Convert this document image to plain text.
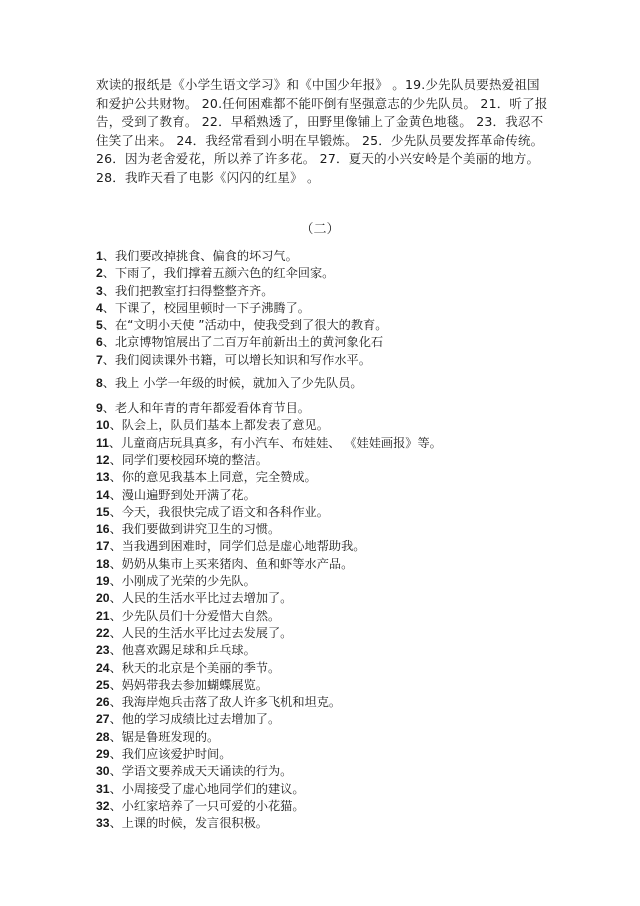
欢读的报纸是《小学生语文学习》和《中国少年报》 。19.少先队员要热爱祖国和爱护公共财物。 20.任何困难都不能吓倒有坚强意志的少先队员。 21．听了报告，受到了教育。 22．早稻熟透了，田野里像铺上了金黄色地毯。 23．我忍不住笑了出来。 24．我经常看到小明在早锻炼。 25．少先队员要发挥革命传统。 26．因为老舍爱花，所以养了许多花。 27．夏天的小兴安岭是个美丽的地方。 28．我昨天看了电影《闪闪的红星》 。
（二）
1、我们要改掉挑食、偏食的坏习气。
2、下雨了，我们撑着五颜六色的红伞回家。
3、我们把教室打扫得整整齐齐。
4、下课了，校园里顿时一下子沸腾了。
5、在“文明小天使 ”活动中，使我受到了很大的教育。
6、北京博物馆展出了二百万年前新出土的黄河象化石
7、我们阅读课外书籍，可以增长知识和写作水平。
8、我上 小学一年级的时候，就加入了少先队员。
9、老人和年青的青年都爱看体育节目。
10、队会上，队员们基本上都发表了意见。
11、儿童商店玩具真多，有小汽车、布娃娃、 《娃娃画报》等。
12、同学们要校园环境的整洁。
13、你的意见我基本上同意，完全赞成。
14、漫山遍野到处开满了花。
15、今天，我很快完成了语文和各科作业。
16、我们要做到讲究卫生的习惯。
17、当我遇到困难时，同学们总是虚心地帮助我。
18、奶奶从集市上买来猪肉、鱼和虾等水产品。
19、小刚成了光荣的少先队。
20、人民的生活水平比过去增加了。
21、少先队员们十分爱惜大自然。
22、人民的生活水平比过去发展了。
23、他喜欢踢足球和乒乓球。
24、秋天的北京是个美丽的季节。
25、妈妈带我去参加蝴蝶展览。
26、我海岸炮兵击落了敌人许多飞机和坦克。
27、他的学习成绩比过去增加了。
28、锯是鲁班发现的。
29、我们应该爱护时间。
30、学语文要养成天天诵读的行为。
31、小周接受了虚心地同学们的建议。
32、小红家培养了一只可爱的小花猫。
33、上课的时候，发言很积极。
